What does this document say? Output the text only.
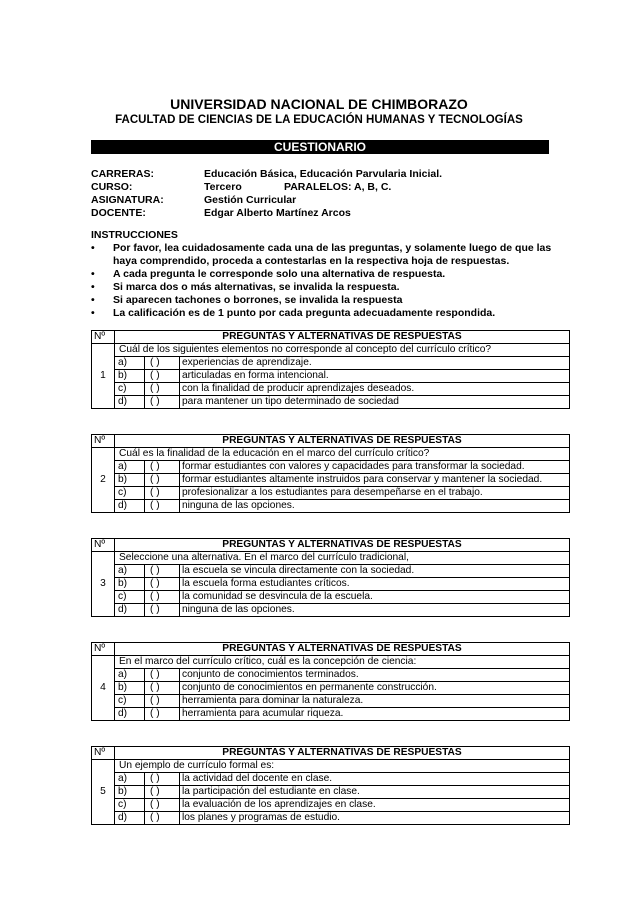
UNIVERSIDAD NACIONAL DE CHIMBORAZO
FACULTAD DE CIENCIAS DE LA EDUCACIÓN HUMANAS Y TECNOLOGÍAS
CUESTIONARIO
CARRERAS:	Educación Básica, Educación Parvularia Inicial.
CURSO:	Tercero	PARALELOS: A, B, C.
ASIGNATURA:	Gestión Curricular
DOCENTE:	Edgar Alberto Martínez Arcos
INSTRUCCIONES
• Por favor, lea cuidadosamente cada una de las preguntas, y solamente luego de que las haya comprendido, proceda a contestarlas en la respectiva hoja de respuestas.
• A cada pregunta le corresponde solo una alternativa de respuesta.
• Si marca dos o más alternativas, se invalida la respuesta.
• Si aparecen tachones o borrones, se invalida la respuesta
• La calificación es de 1 punto por cada pregunta adecuadamente respondida.
Nº	PREGUNTAS Y ALTERNATIVAS DE RESPUESTAS		
1	Cuál de los siguientes elementos no corresponde al concepto del currículo crítico?		
	a)	( )	experiencias de aprendizaje.
	b)	( )	articuladas en forma intencional.
	c)	( )	con la finalidad de producir aprendizajes deseados.
	d)	( )	para mantener un tipo determinado de sociedad
Nº	PREGUNTAS Y ALTERNATIVAS DE RESPUESTAS		
2	Cuál es la finalidad de la educación en el marco del currículo crítico?		
	a)	( )	formar estudiantes con valores y capacidades para transformar la sociedad.
	b)	( )	formar estudiantes altamente instruidos para conservar y mantener la sociedad.
	c)	( )	profesionalizar a los estudiantes para desempeñarse en el trabajo.
	d)	( )	ninguna de las opciones.
Nº	PREGUNTAS Y ALTERNATIVAS DE RESPUESTAS		
3	Seleccione una alternativa. En el marco del currículo tradicional,		
	a)	( )	la escuela se vincula directamente con la sociedad.
	b)	( )	la escuela forma estudiantes críticos.
	c)	( )	la comunidad se desvincula de la escuela.
	d)	( )	ninguna de las opciones.
Nº	PREGUNTAS Y ALTERNATIVAS DE RESPUESTAS		
4	En el marco del currículo crítico, cuál es la concepción de ciencia:		
	a)	( )	conjunto de conocimientos terminados.
	b)	( )	conjunto de conocimientos en permanente construcción.
	c)	( )	herramienta para dominar la naturaleza.
	d)	( )	herramienta para acumular riqueza.
Nº	PREGUNTAS Y ALTERNATIVAS DE RESPUESTAS		
5	Un ejemplo de currículo formal es:		
	a)	( )	la actividad del docente en clase.
	b)	( )	la participación del estudiante en clase.
	c)	( )	la evaluación de los aprendizajes en clase.
	d)	( )	los planes y programas de estudio.
